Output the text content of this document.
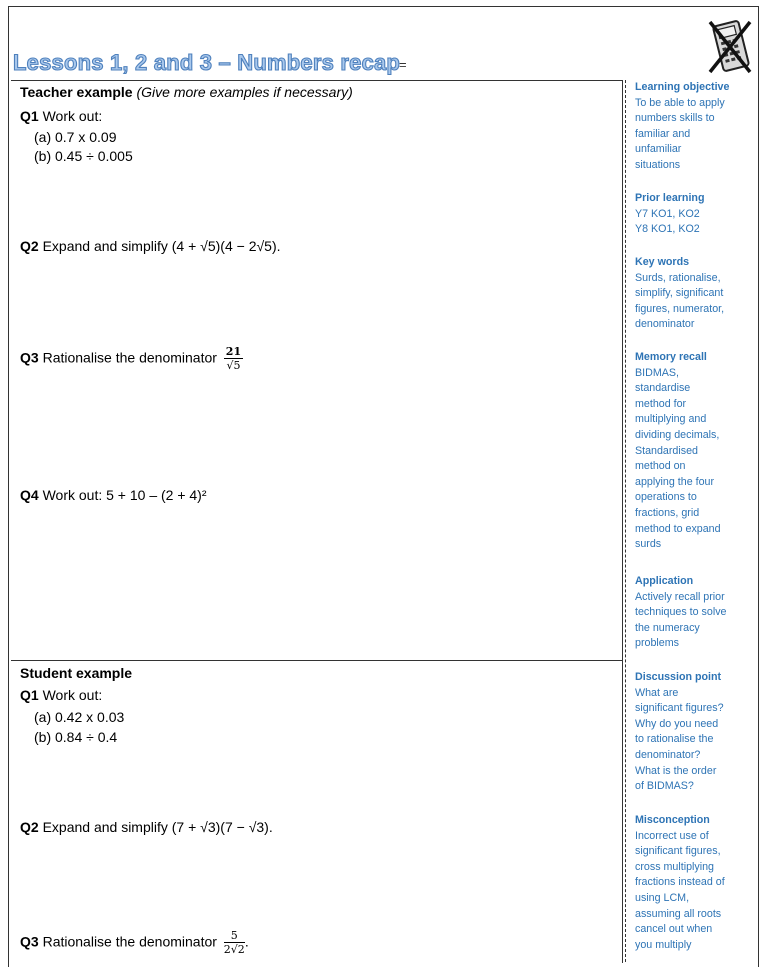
Lessons 1, 2 and 3 – Numbers recap
=
Teacher example (Give more examples if necessary)
Q1 Work out:
(a) 0.7 x 0.09
(b) 0.45 ÷ 0.005
Q2 Expand and simplify (4 + √5)(4 − 2√5).
Q3 Rationalise the denominator $\frac{21}{√5}$
Q4 Work out: 5 + 10 – (2 + 4)²
Student example
Q1 Work out:
(a) 0.42 x 0.03
(b) 0.84 ÷ 0.4
Q2 Expand and simplify (7 + √3)(7 − √3).
Q3 Rationalise the denominator $\frac{5}{2√2}$ .
Learning objective
To be able to apply
numbers skills to
familiar and
unfamiliar
situations
Prior learning
Y7 KO1, KO2
Y8 KO1, KO2
Key words
Surds, rationalise,
simplify, significant
figures, numerator,
denominator
Memory recall
BIDMAS,
standardise
method for
multiplying and
dividing decimals,
Standardised
method on
applying the four
operations to
fractions, grid
method to expand
surds
Application
Actively recall prior
techniques to solve
the numeracy
problems
Discussion point
What are
significant figures?
Why do you need
to rationalise the
denominator?
What is the order
of BIDMAS?
Misconception
Incorrect use of
significant figures,
cross multiplying
fractions instead of
using LCM,
assuming all roots
cancel out when
you multiply
